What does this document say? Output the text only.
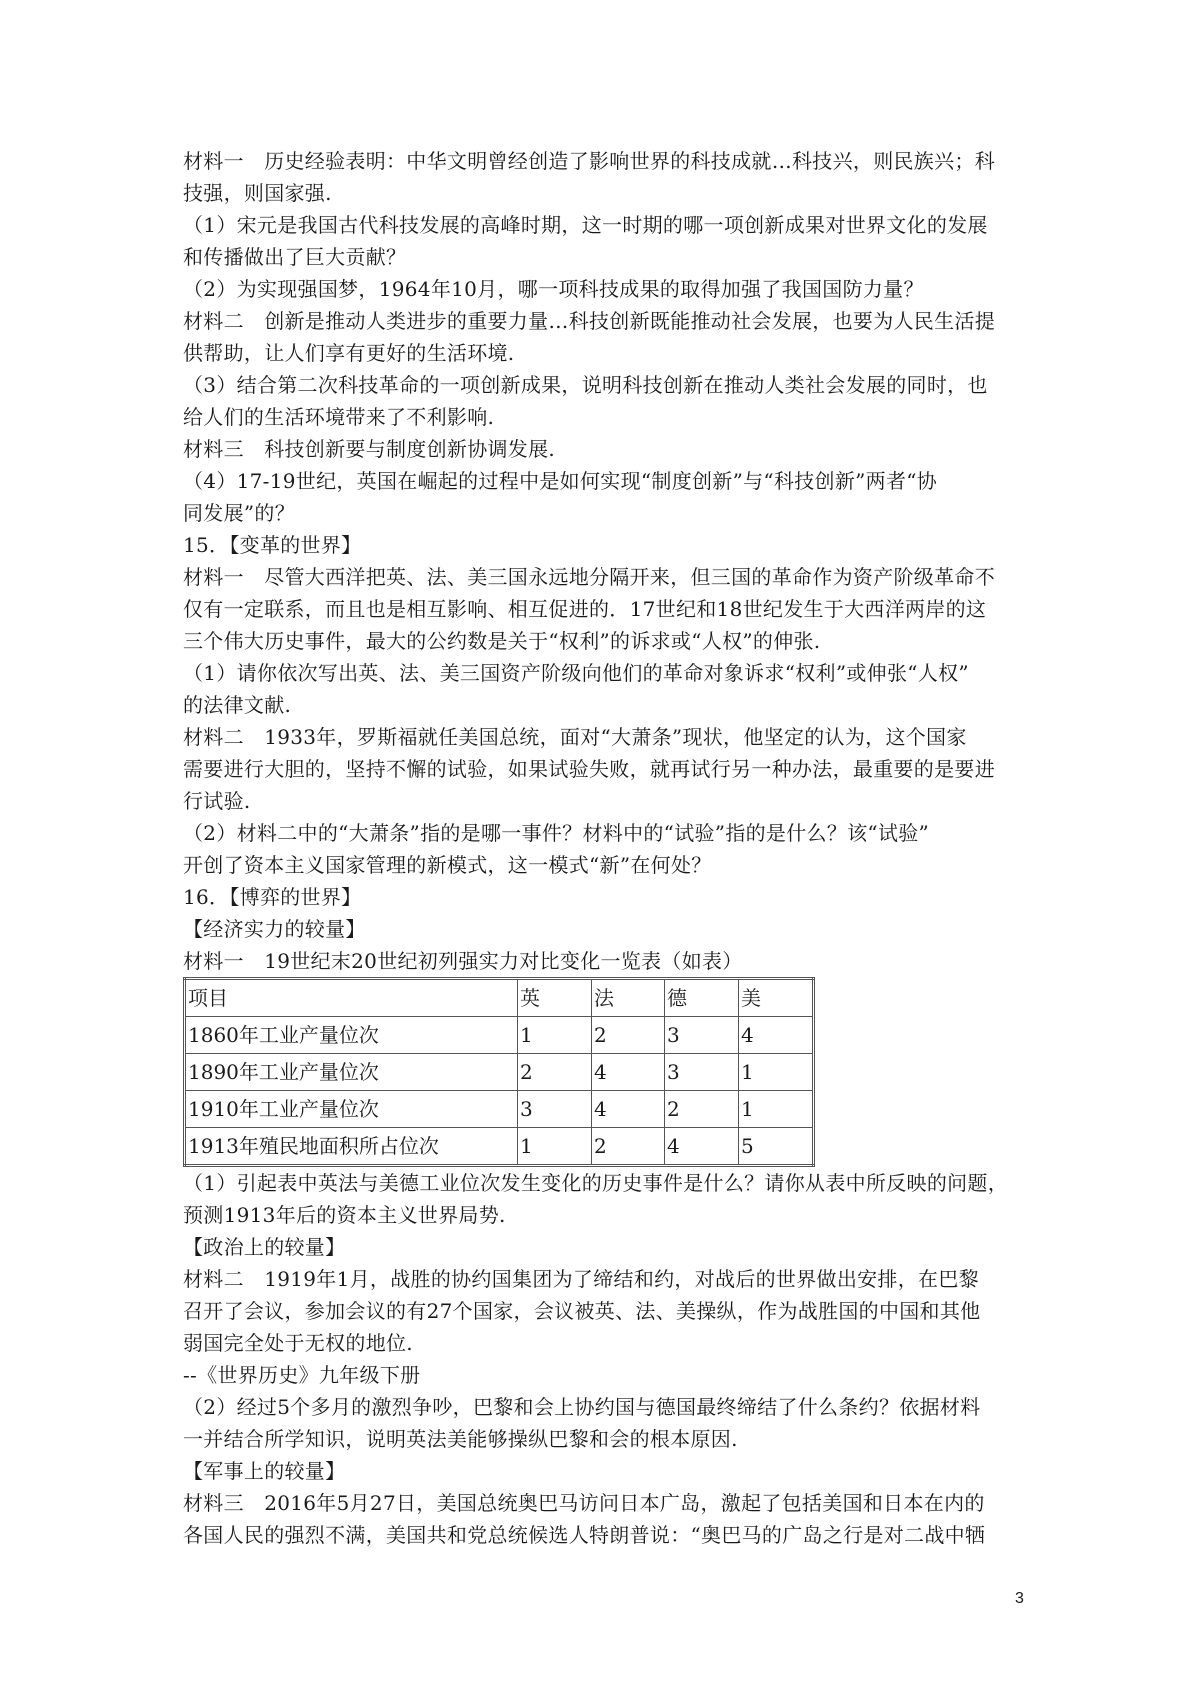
材料一　历史经验表明：中华文明曾经创造了影响世界的科技成就…科技兴，则民族兴；科
技强，则国家强.
（1）宋元是我国古代科技发展的高峰时期，这一时期的哪一项创新成果对世界文化的发展
和传播做出了巨大贡献？
（2）为实现强国梦，1964年10月，哪一项科技成果的取得加强了我国国防力量？
材料二　创新是推动人类进步的重要力量…科技创新既能推动社会发展，也要为人民生活提
供帮助，让人们享有更好的生活环境.
（3）结合第二次科技革命的一项创新成果，说明科技创新在推动人类社会发展的同时，也
给人们的生活环境带来了不利影响.
材料三　科技创新要与制度创新协调发展.
（4）17-19世纪，英国在崛起的过程中是如何实现“制度创新”与“科技创新”两者“协
同发展”的？
15．【变革的世界】
材料一　尽管大西洋把英、法、美三国永远地分隔开来，但三国的革命作为资产阶级革命不
仅有一定联系，而且也是相互影响、相互促进的．17世纪和18世纪发生于大西洋两岸的这
三个伟大历史事件，最大的公约数是关于“权利”的诉求或“人权”的伸张.
（1）请你依次写出英、法、美三国资产阶级向他们的革命对象诉求“权利”或伸张“人权”
的法律文献.
材料二　1933年，罗斯福就任美国总统，面对“大萧条”现状，他坚定的认为，这个国家
需要进行大胆的，坚持不懈的试验，如果试验失败，就再试行另一种办法，最重要的是要进
行试验.
（2）材料二中的“大萧条”指的是哪一事件？材料中的“试验”指的是什么？该“试验”
开创了资本主义国家管理的新模式，这一模式“新”在何处？
16．【博弈的世界】
【经济实力的较量】
材料一　19世纪末20世纪初列强实力对比变化一览表（如表）
项目	英	法	德	美
1860年工业产量位次	1	2	3	4
1890年工业产量位次	2	4	3	1
1910年工业产量位次	3	4	2	1
1913年殖民地面积所占位次	1	2	4	5
（1）引起表中英法与美德工业位次发生变化的历史事件是什么？请你从表中所反映的问题，
预测1913年后的资本主义世界局势.
【政治上的较量】
材料二　1919年1月，战胜的协约国集团为了缔结和约，对战后的世界做出安排，在巴黎
召开了会议，参加会议的有27个国家，会议被英、法、美操纵，作为战胜国的中国和其他
弱国完全处于无权的地位.
--《世界历史》九年级下册
（2）经过5个多月的激烈争吵，巴黎和会上协约国与德国最终缔结了什么条约？依据材料
一并结合所学知识，说明英法美能够操纵巴黎和会的根本原因.
【军事上的较量】
材料三　2016年5月27日，美国总统奥巴马访问日本广岛，激起了包括美国和日本在内的
各国人民的强烈不满，美国共和党总统候选人特朗普说：“奥巴马的广岛之行是对二战中牺
3
